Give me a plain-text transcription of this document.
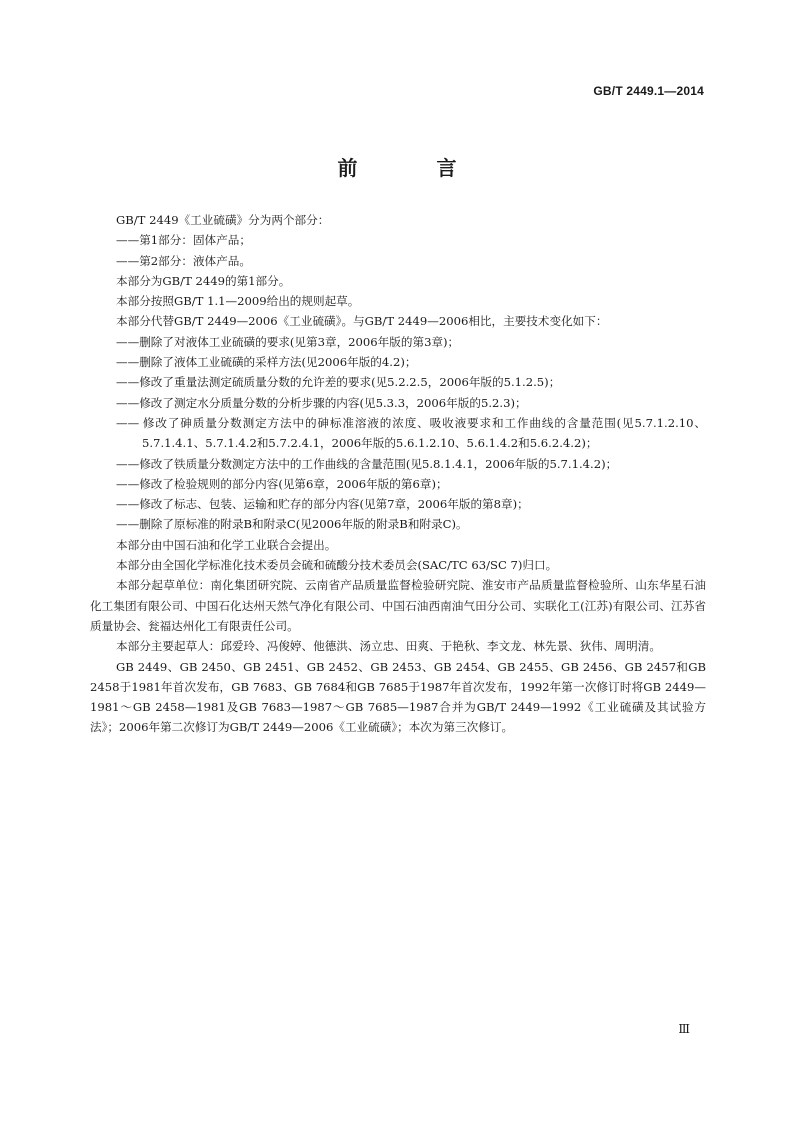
GB/T 2449.1—2014
前 言

GB/T 2449《工业硫磺》分为两个部分：

——第1部分：固体产品；

——第2部分：液体产品。

本部分为GB/T 2449的第1部分。

本部分按照GB/T 1.1—2009给出的规则起草。

本部分代替GB/T 2449—2006《工业硫磺》。与GB/T 2449—2006相比，主要技术变化如下：

——删除了对液体工业硫磺的要求(见第3章，2006年版的第3章)；

——删除了液体工业硫磺的采样方法(见2006年版的4.2)；

——修改了重量法测定硫质量分数的允许差的要求(见5.2.2.5，2006年版的5.1.2.5)；

——修改了测定水分质量分数的分析步骤的内容(见5.3.3，2006年版的5.2.3)；

—— 修改了砷质量分数测定方法中的砷标准溶液的浓度、吸收液要求和工作曲线的含量范围(见5.7.1.2.10、5.7.1.4.1、5.7.1.4.2和5.7.2.4.1，2006年版的5.6.1.2.10、5.6.1.4.2和5.6.2.4.2)；

——修改了铁质量分数测定方法中的工作曲线的含量范围(见5.8.1.4.1，2006年版的5.7.1.4.2)；

——修改了检验规则的部分内容(见第6章，2006年版的第6章)；

——修改了标志、包装、运输和贮存的部分内容(见第7章，2006年版的第8章)；

——删除了原标准的附录B和附录C(见2006年版的附录B和附录C)。

本部分由中国石油和化学工业联合会提出。

本部分由全国化学标准化技术委员会硫和硫酸分技术委员会(SAC/TC 63/SC 7)归口。

本部分起草单位：南化集团研究院、云南省产品质量监督检验研究院、淮安市产品质量监督检验所、山东华星石油化工集团有限公司、中国石化达州天然气净化有限公司、中国石油西南油气田分公司、实联化工(江苏)有限公司、江苏省质量协会、瓮福达州化工有限责任公司。

本部分主要起草人：邱爱玲、冯俊婷、他德洪、汤立忠、田爽、于艳秋、李文龙、林先景、狄伟、周明清。

GB 2449、GB 2450、GB 2451、GB 2452、GB 2453、GB 2454、GB 2455、GB 2456、GB 2457和GB 2458于1981年首次发布，GB 7683、GB 7684和GB 7685于1987年首次发布，1992年第一次修订时将GB 2449—1981～GB 2458—1981及GB 7683—1987～GB 7685—1987合并为GB/T 2449—1992《工业硫磺及其试验方法》；2006年第二次修订为GB/T 2449—2006《工业硫磺》；本次为第三次修订。

Ⅲ
